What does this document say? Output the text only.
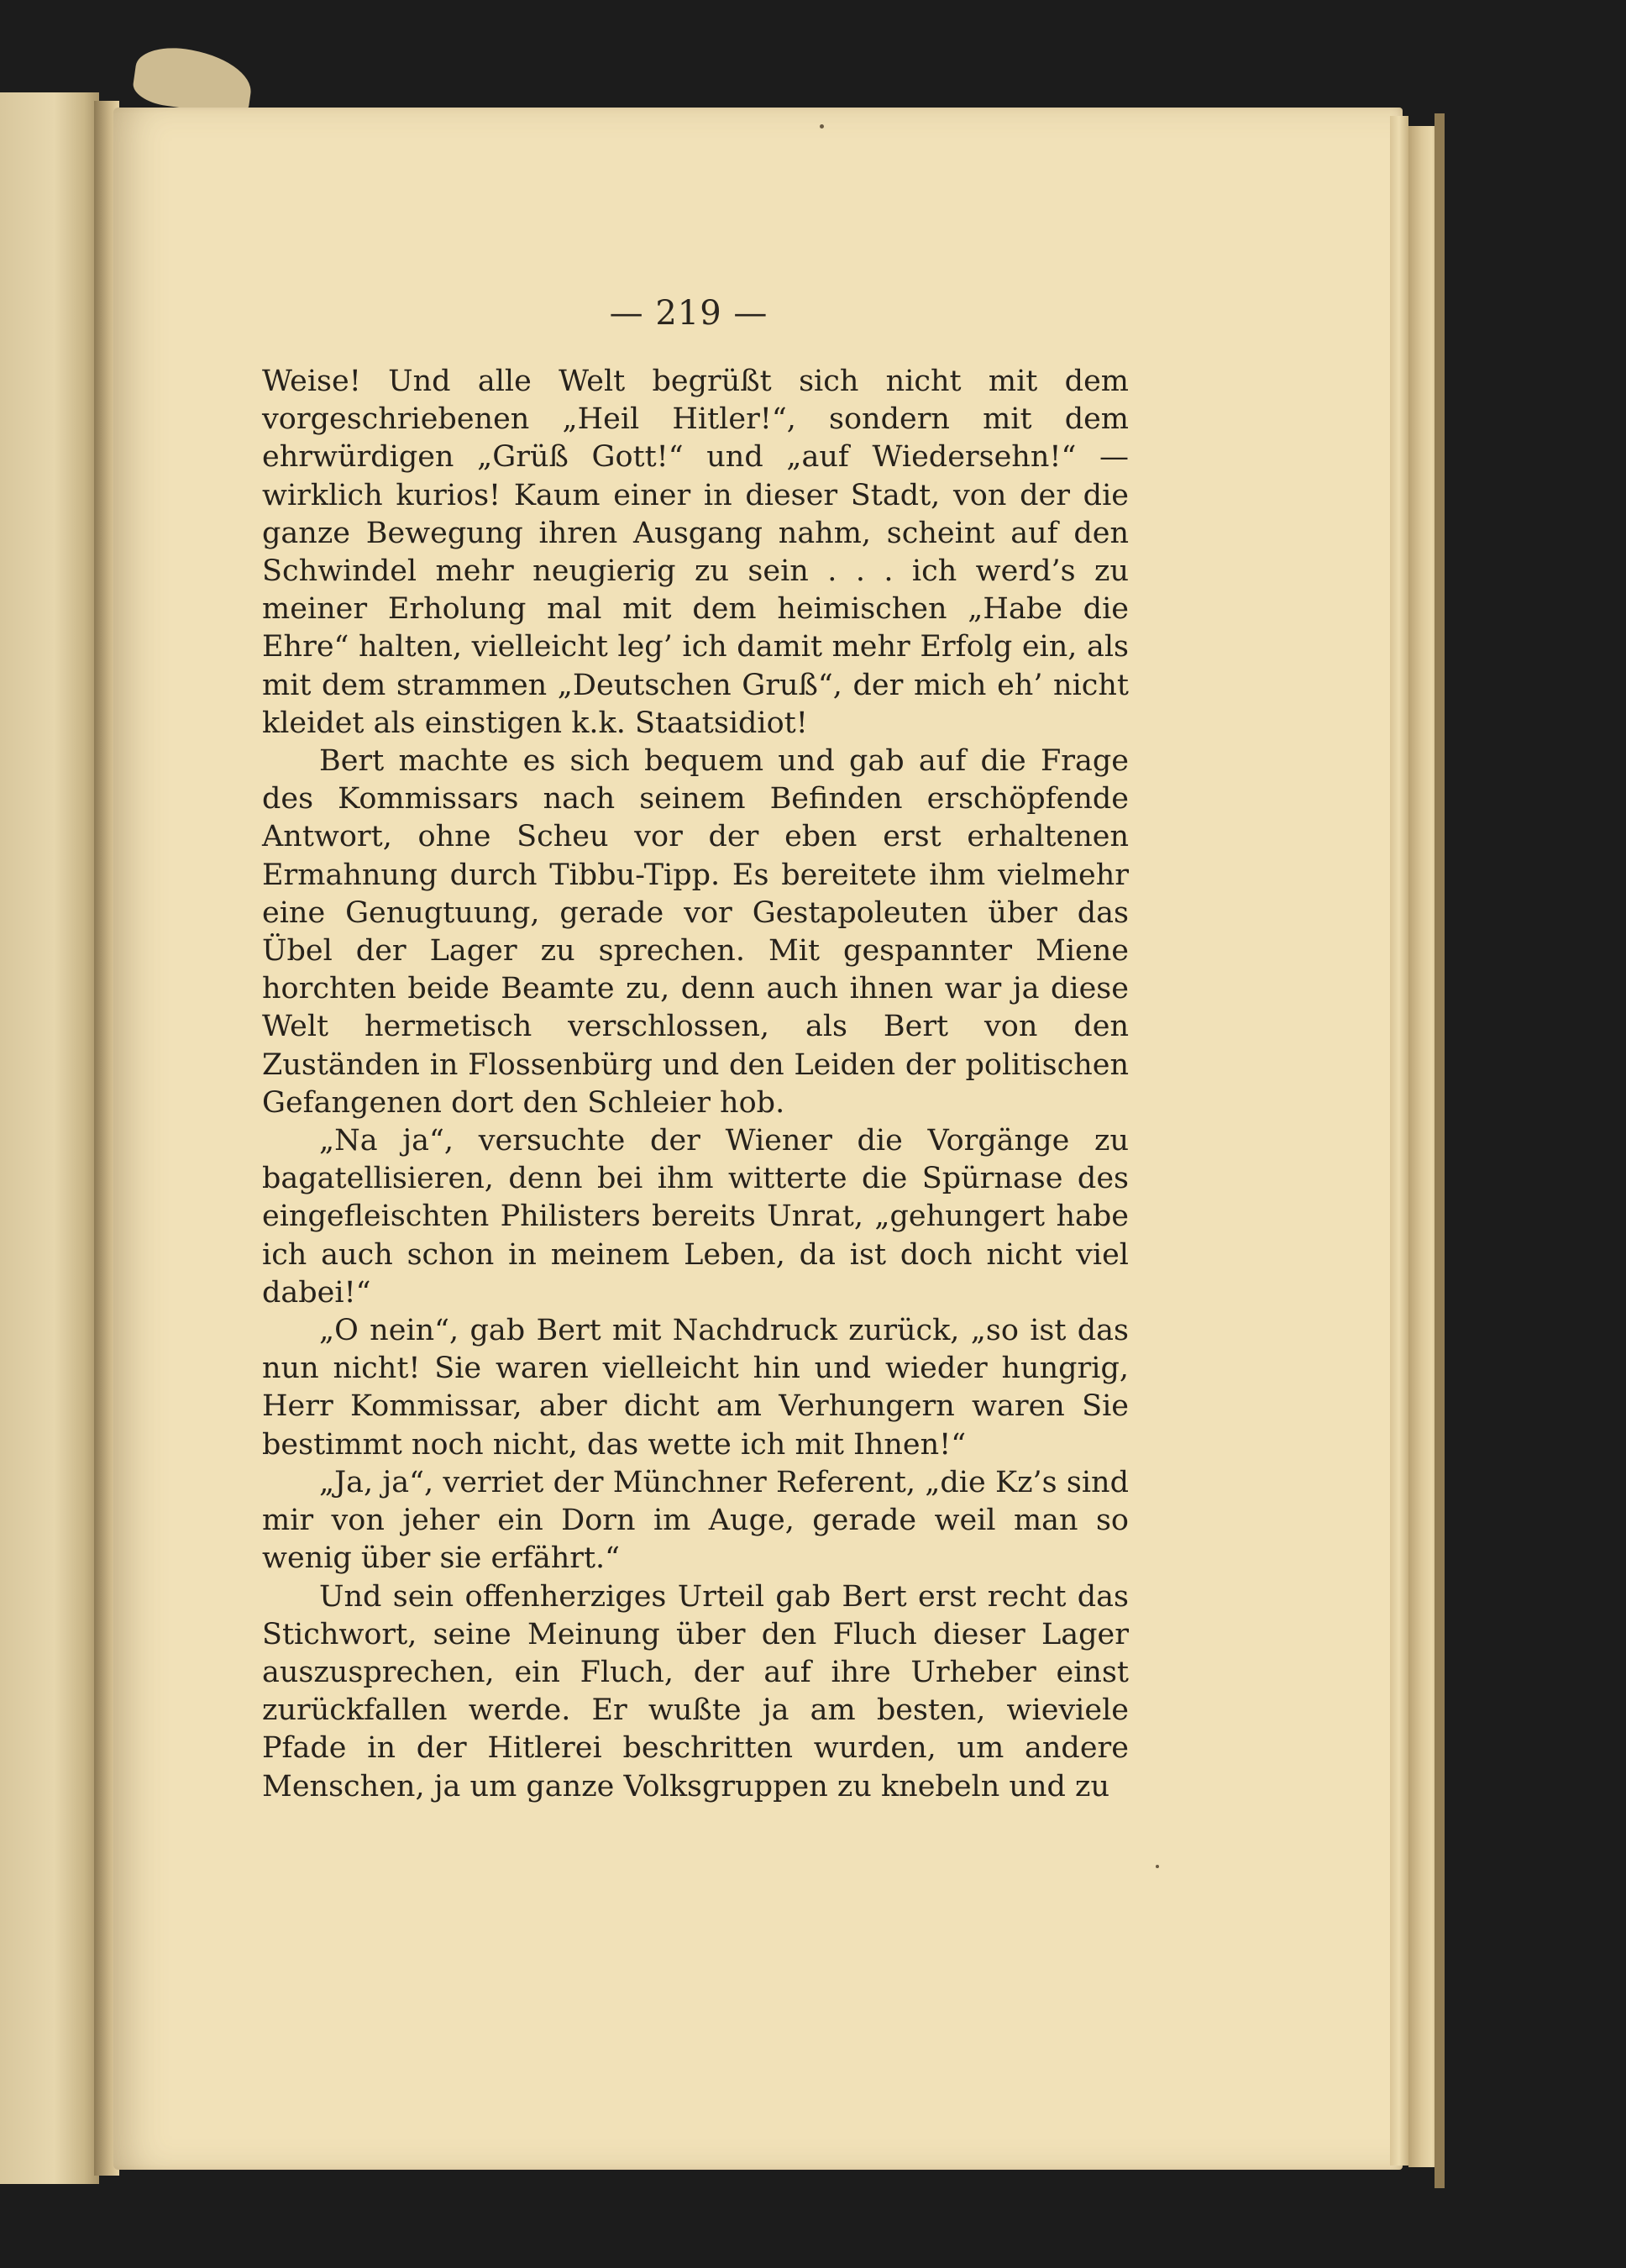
— 219 —

Weise! Und alle Welt begrüßt sich nicht mit dem vorgeschriebenen „Heil Hitler!“, sondern mit dem ehrwürdigen „Grüß Gott!“ und „auf Wiedersehn!“ — wirklich kurios! Kaum einer in dieser Stadt, von der die ganze Bewegung ihren Ausgang nahm, scheint auf den Schwindel mehr neugierig zu sein . . . ich werd’s zu meiner Erholung mal mit dem heimischen „Habe die Ehre“ halten, vielleicht leg’ ich damit mehr Erfolg ein, als mit dem strammen „Deutschen Gruß“, der mich eh’ nicht kleidet als einstigen k.k. Staatsidiot!

Bert machte es sich bequem und gab auf die Frage des Kommissars nach seinem Befinden erschöpfende Antwort, ohne Scheu vor der eben erst erhaltenen Ermahnung durch Tibbu-Tipp. Es bereitete ihm vielmehr eine Genugtuung, gerade vor Gestapoleuten über das Übel der Lager zu sprechen. Mit gespannter Miene horchten beide Beamte zu, denn auch ihnen war ja diese Welt hermetisch verschlossen, als Bert von den Zuständen in Flossenbürg und den Leiden der politischen Gefangenen dort den Schleier hob.

„Na ja“, versuchte der Wiener die Vorgänge zu bagatellisieren, denn bei ihm witterte die Spürnase des eingefleischten Philisters bereits Unrat, „gehungert habe ich auch schon in meinem Leben, da ist doch nicht viel dabei!“

„O nein“, gab Bert mit Nachdruck zurück, „so ist das nun nicht! Sie waren vielleicht hin und wieder hungrig, Herr Kommissar, aber dicht am Verhungern waren Sie bestimmt noch nicht, das wette ich mit Ihnen!“

„Ja, ja“, verriet der Münchner Referent, „die Kz’s sind mir von jeher ein Dorn im Auge, gerade weil man so wenig über sie erfährt.“

Und sein offenherziges Urteil gab Bert erst recht das Stichwort, seine Meinung über den Fluch dieser Lager auszusprechen, ein Fluch, der auf ihre Urheber einst zurückfallen werde. Er wußte ja am besten, wieviele Pfade in der Hitlerei beschritten wurden, um andere Menschen, ja um ganze Volksgruppen zu knebeln und zu
